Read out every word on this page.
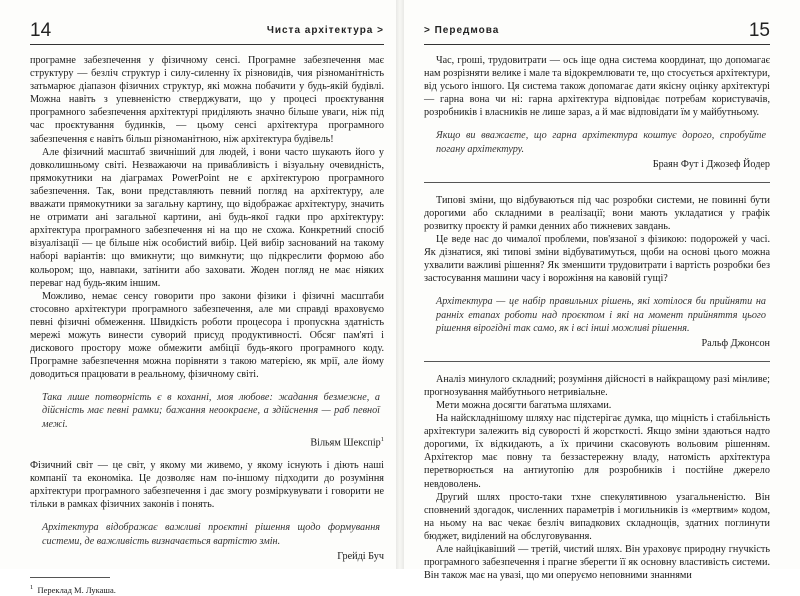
14	Чиста архітектура >

програмне забезпечення у фізичному сенсі. Програмне забезпечення має структуру — безліч структур і силу-силенну їх різновидів, чия різноманітність затьмарює діапазон фізичних структур, які можна побачити у будь-якій будівлі. Можна навіть з упевненістю стверджувати, що у процесі проєктування програмного забезпечення архітектурі приділяють значно більше уваги, ніж під час проєктування будинків, — цьому сенсі архітектура програмного забезпечення є навіть більш різноманітною, ніж архітектура будівель!

Але фізичний масштаб звичніший для людей, і вони часто шукають його у довколишньому світі. Незважаючи на привабливість і візуальну очевидність, прямокутники на діаграмах PowerPoint не є архітектурою програмного забезпечення. Так, вони представляють певний погляд на архітектуру, але вважати прямокутники за загальну картину, що відображає архітектуру, значить не отримати ані загальної картини, ані будь-якої гадки про архітектуру: архітектура програмного забезпечення ні на що не схожа. Конкретний спосіб візуалізації — це більше ніж особистий вибір. Цей вибір заснований на такому наборі варіантів: що вмикнути; що вимкнути; що підкреслити формою або кольором; що, навпаки, затінити або заховати. Жоден погляд не має ніяких переваг над будь-яким іншим.

Можливо, немає сенсу говорити про закони фізики і фізичні масштаби стосовно архітектури програмного забезпечення, але ми справді враховуємо певні фізичні обмеження. Швидкість роботи процесора і пропускна здатність мережі можуть винести суворий присуд продуктивності. Обсяг пам'яті і дискового простору може обмежити амбіції будь-якого програмного коду. Програмне забезпечення можна порівняти з такою матерією, як мрії, але йому доводиться працювати в реальному, фізичному світі.

Така лише потворність є в коханні, моя любове: жадання безмежне, а дійсність має певні рамки; бажання неоокраєне, а здійснення — раб певної межі.

Вільям Шекспір$^1$

Фізичний світ — це світ, у якому ми живемо, у якому існують і діють наші компанії та економіка. Це дозволяє нам по-іншому підходити до розуміння архітектури програмного забезпечення і дає змогу розміркувувати і говорити не тільки в рамках фізичних законів і понять.

Архітектура відображає важливі проєктні рішення щодо формування системи, де важливість визначається вартістю змін.

Грейді Буч

$^1$ Переклад М. Лукаша.

> Передмова	15

Час, гроші, трудовитрати — ось іще одна система координат, що допомагає нам розрізняти велике і мале та відокремлювати те, що стосується архітектури, від усього іншого. Ця система також допомагає дати якісну оцінку архітектурі — гарна вона чи ні: гарна архітектура відповідає потребам користувачів, розробників і власників не лише зараз, а й має відповідати їм у майбутньому.

Якщо ви вважаєте, що гарна архітектура коштує дорого, спробуйте погану архітектуру.

Браян Фут і Джозеф Йодер

Типові зміни, що відбуваються під час розробки системи, не повинні бути дорогими або складними в реалізації; вони мають укладатися у графік розвитку проєкту й рамки денних або тижневих завдань.

Це веде нас до чималої проблеми, пов'язаної з фізикою: подорожей у часі. Як дізнатися, які типові зміни відбуватимуться, щоби на основі цього можна ухвалити важливі рішення? Як зменшити трудовитрати і вартість розробки без застосування машини часу і ворожіння на кавовій гущі?

Архітектура — це набір правильних рішень, які хотілося би прийняти на ранніх етапах роботи над проєктом і які на момент прийняття цього рішення вірогідні так само, як і всі інші можливі рішення.

Ральф Джонсон

Аналіз минулого складний; розуміння дійсності в найкращому разі мінливе; прогнозування майбутнього нетривіальне.

Мети можна досягти багатьма шляхами.

На найскладнішому шляху нас підстерігає думка, що міцність і стабільність архітектури залежить від суворості й жорсткості. Якщо зміни здаються надто дорогими, їх відкидають, а їх причини скасовують вольовим рішенням. Архітектор має повну та беззастережну владу, натомість архітектура перетворюється на антиутопію для розробників і постійне джерело невдоволень.

Другий шлях просто-таки тхне спекулятивною узагальненістю. Він сповнений здогадок, численних параметрів і могильників із «мертвим» кодом, на ньому на вас чекає безліч випадкових складнощів, здатних поглинути бюджет, виділений на обслуговування.

Але найцікавіший — третій, чистий шлях. Він ураховує природну гнучкість програмного забезпечення і прагне зберегти її як основну властивість системи. Він також має на увазі, що ми оперуємо неповними знаннями
